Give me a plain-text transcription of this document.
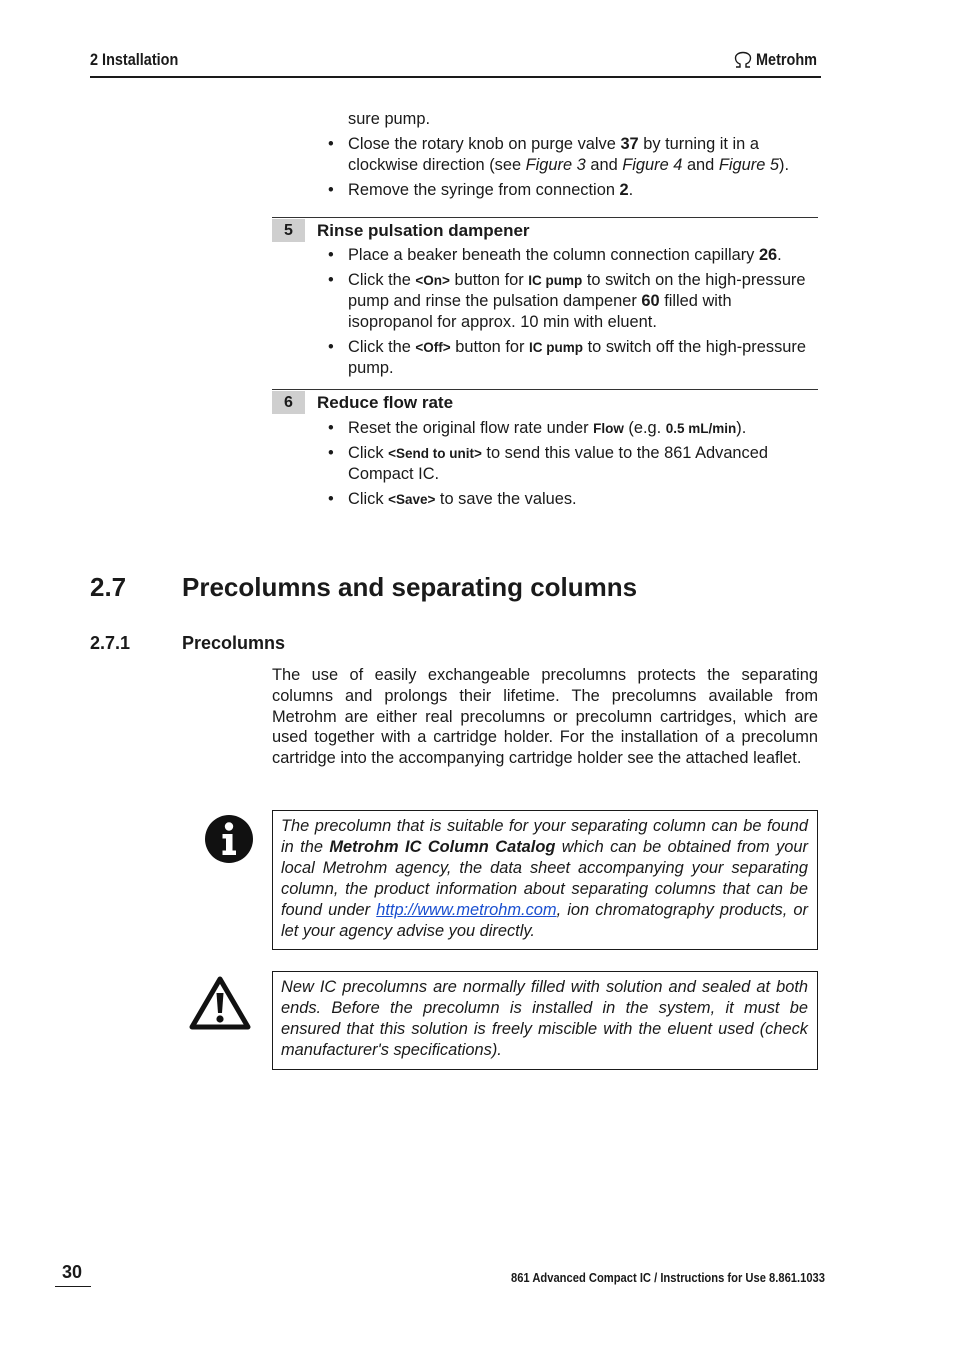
2 Installation	Metrohm
sure pump.
• Close the rotary knob on purge valve 37 by turning it in a clockwise direction (see Figure 3 and Figure 4 and Figure 5).
• Remove the syringe from connection 2.
5	Rinse pulsation dampener
• Place a beaker beneath the column connection capillary 26.
• Click the <On> button for IC pump to switch on the high-pressure pump and rinse the pulsation dampener 60 filled with isopropanol for approx. 10 min with eluent.
• Click the <Off> button for IC pump to switch off the high-pressure pump.
6	Reduce flow rate
• Reset the original flow rate under Flow (e.g. 0.5 mL/min).
• Click <Send to unit> to send this value to the 861 Advanced Compact IC.
• Click <Save> to save the values.
2.7 Precolumns and separating columns
2.7.1	Precolumns
The use of easily exchangeable precolumns protects the separating columns and prolongs their lifetime. The precolumns available from Metrohm are either real precolumns or precolumn cartridges, which are used together with a cartridge holder. For the installation of a precolumn cartridge into the accompanying cartridge holder see the attached leaflet.
The precolumn that is suitable for your separating column can be found in the Metrohm IC Column Catalog which can be obtained from your local Metrohm agency, the data sheet accompanying your separating column, the product information about separating columns that can be found under http://www.metrohm.com, ion chromatography products, or let your agency advise you directly.
New IC precolumns are normally filled with solution and sealed at both ends. Before the precolumn is installed in the system, it must be ensured that this solution is freely miscible with the eluent used (check manufacturer's specifications).
30	861 Advanced Compact IC / Instructions for Use 8.861.1033
